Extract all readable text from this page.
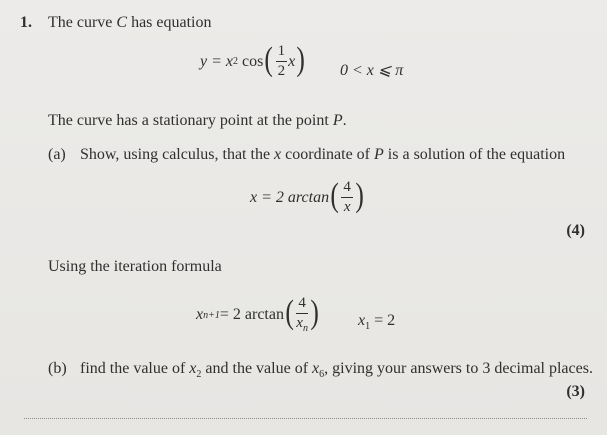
1. The curve C has equation
y = x 2 cos ( $\frac{1}{2}$ x ) 0 < x ⩽ π
The curve has a stationary point at the point P.
(a) Show, using calculus, that the x coordinate of P is a solution of the equation
x = 2 arctan ( $\frac{4}{x}$ )
(4)
Using the iteration formula
x n+1 = 2 arctan ( $\frac{4}{x_n}$ ) $x_1 = 2$
(b) find the value of $x_2$ and the value of $x_6$, giving your answers to 3 decimal places.
(3)
